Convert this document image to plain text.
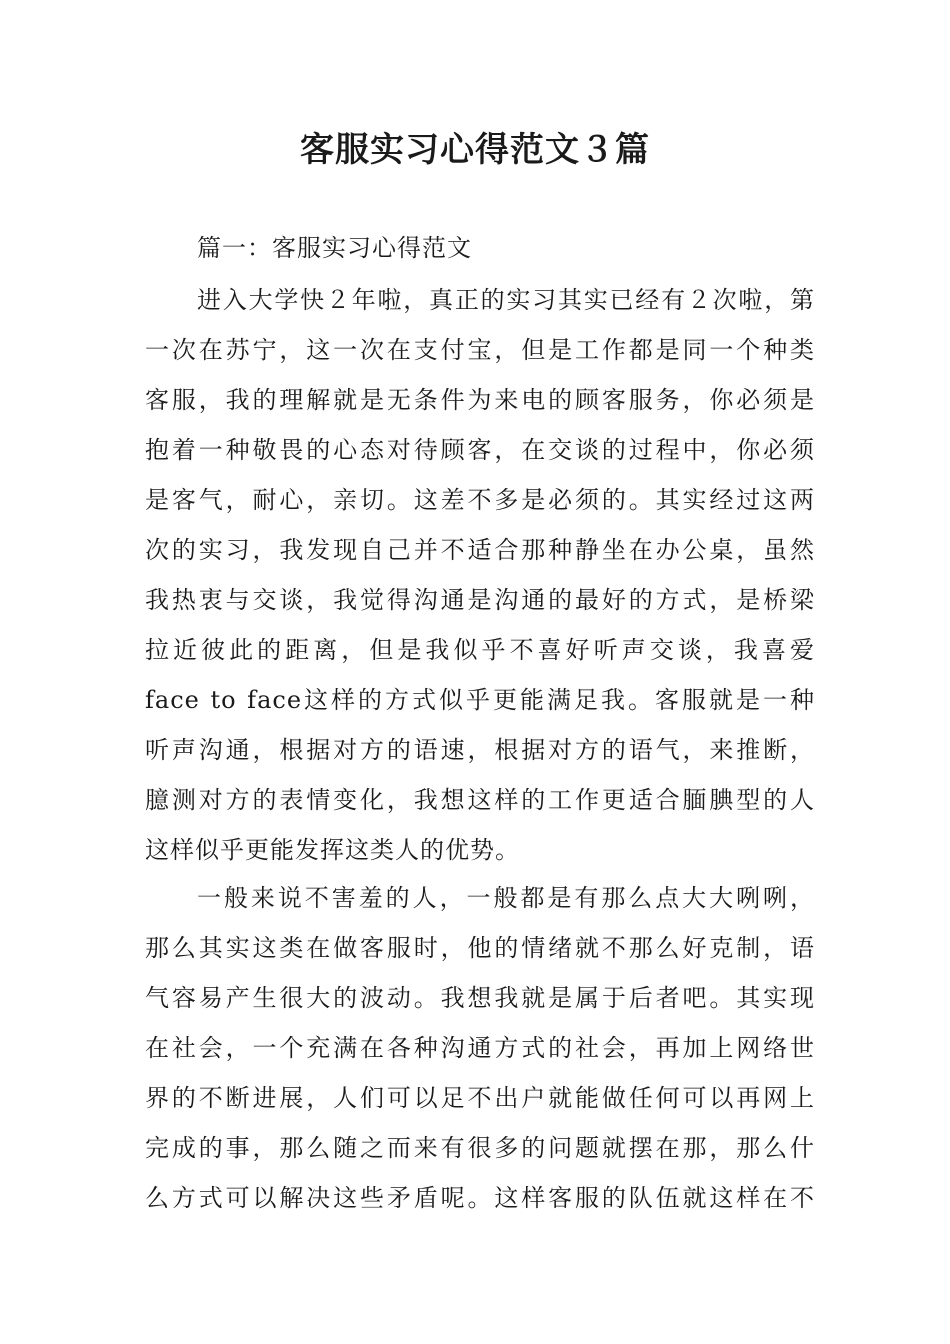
客服实习心得范文３篇
篇一：客服实习心得范文
进入大学快２年啦，真正的实习其实已经有２次啦，第
一次在苏宁，这一次在支付宝，但是工作都是同一个种类
客服，我的理解就是无条件为来电的顾客服务，你必须是
抱着一种敬畏的心态对待顾客，在交谈的过程中，你必须
是客气，耐心，亲切。这差不多是必须的。其实经过这两
次的实习，我发现自己并不适合那种静坐在办公桌，虽然
我热衷与交谈，我觉得沟通是沟通的最好的方式，是桥梁
拉近彼此的距离，但是我似乎不喜好听声交谈，我喜爱
face to face这样的方式似乎更能满足我。客服就是一种
听声沟通，根据对方的语速，根据对方的语气，来推断，
臆测对方的表情变化，我想这样的工作更适合腼腆型的人
这样似乎更能发挥这类人的优势。
一般来说不害羞的人，一般都是有那么点大大咧咧，
那么其实这类在做客服时，他的情绪就不那么好克制，语
气容易产生很大的波动。我想我就是属于后者吧。其实现
在社会，一个充满在各种沟通方式的社会，再加上网络世
界的不断进展，人们可以足不出户就能做任何可以再网上
完成的事，那么随之而来有很多的问题就摆在那，那么什
么方式可以解决这些矛盾呢。这样客服的队伍就这样在不
